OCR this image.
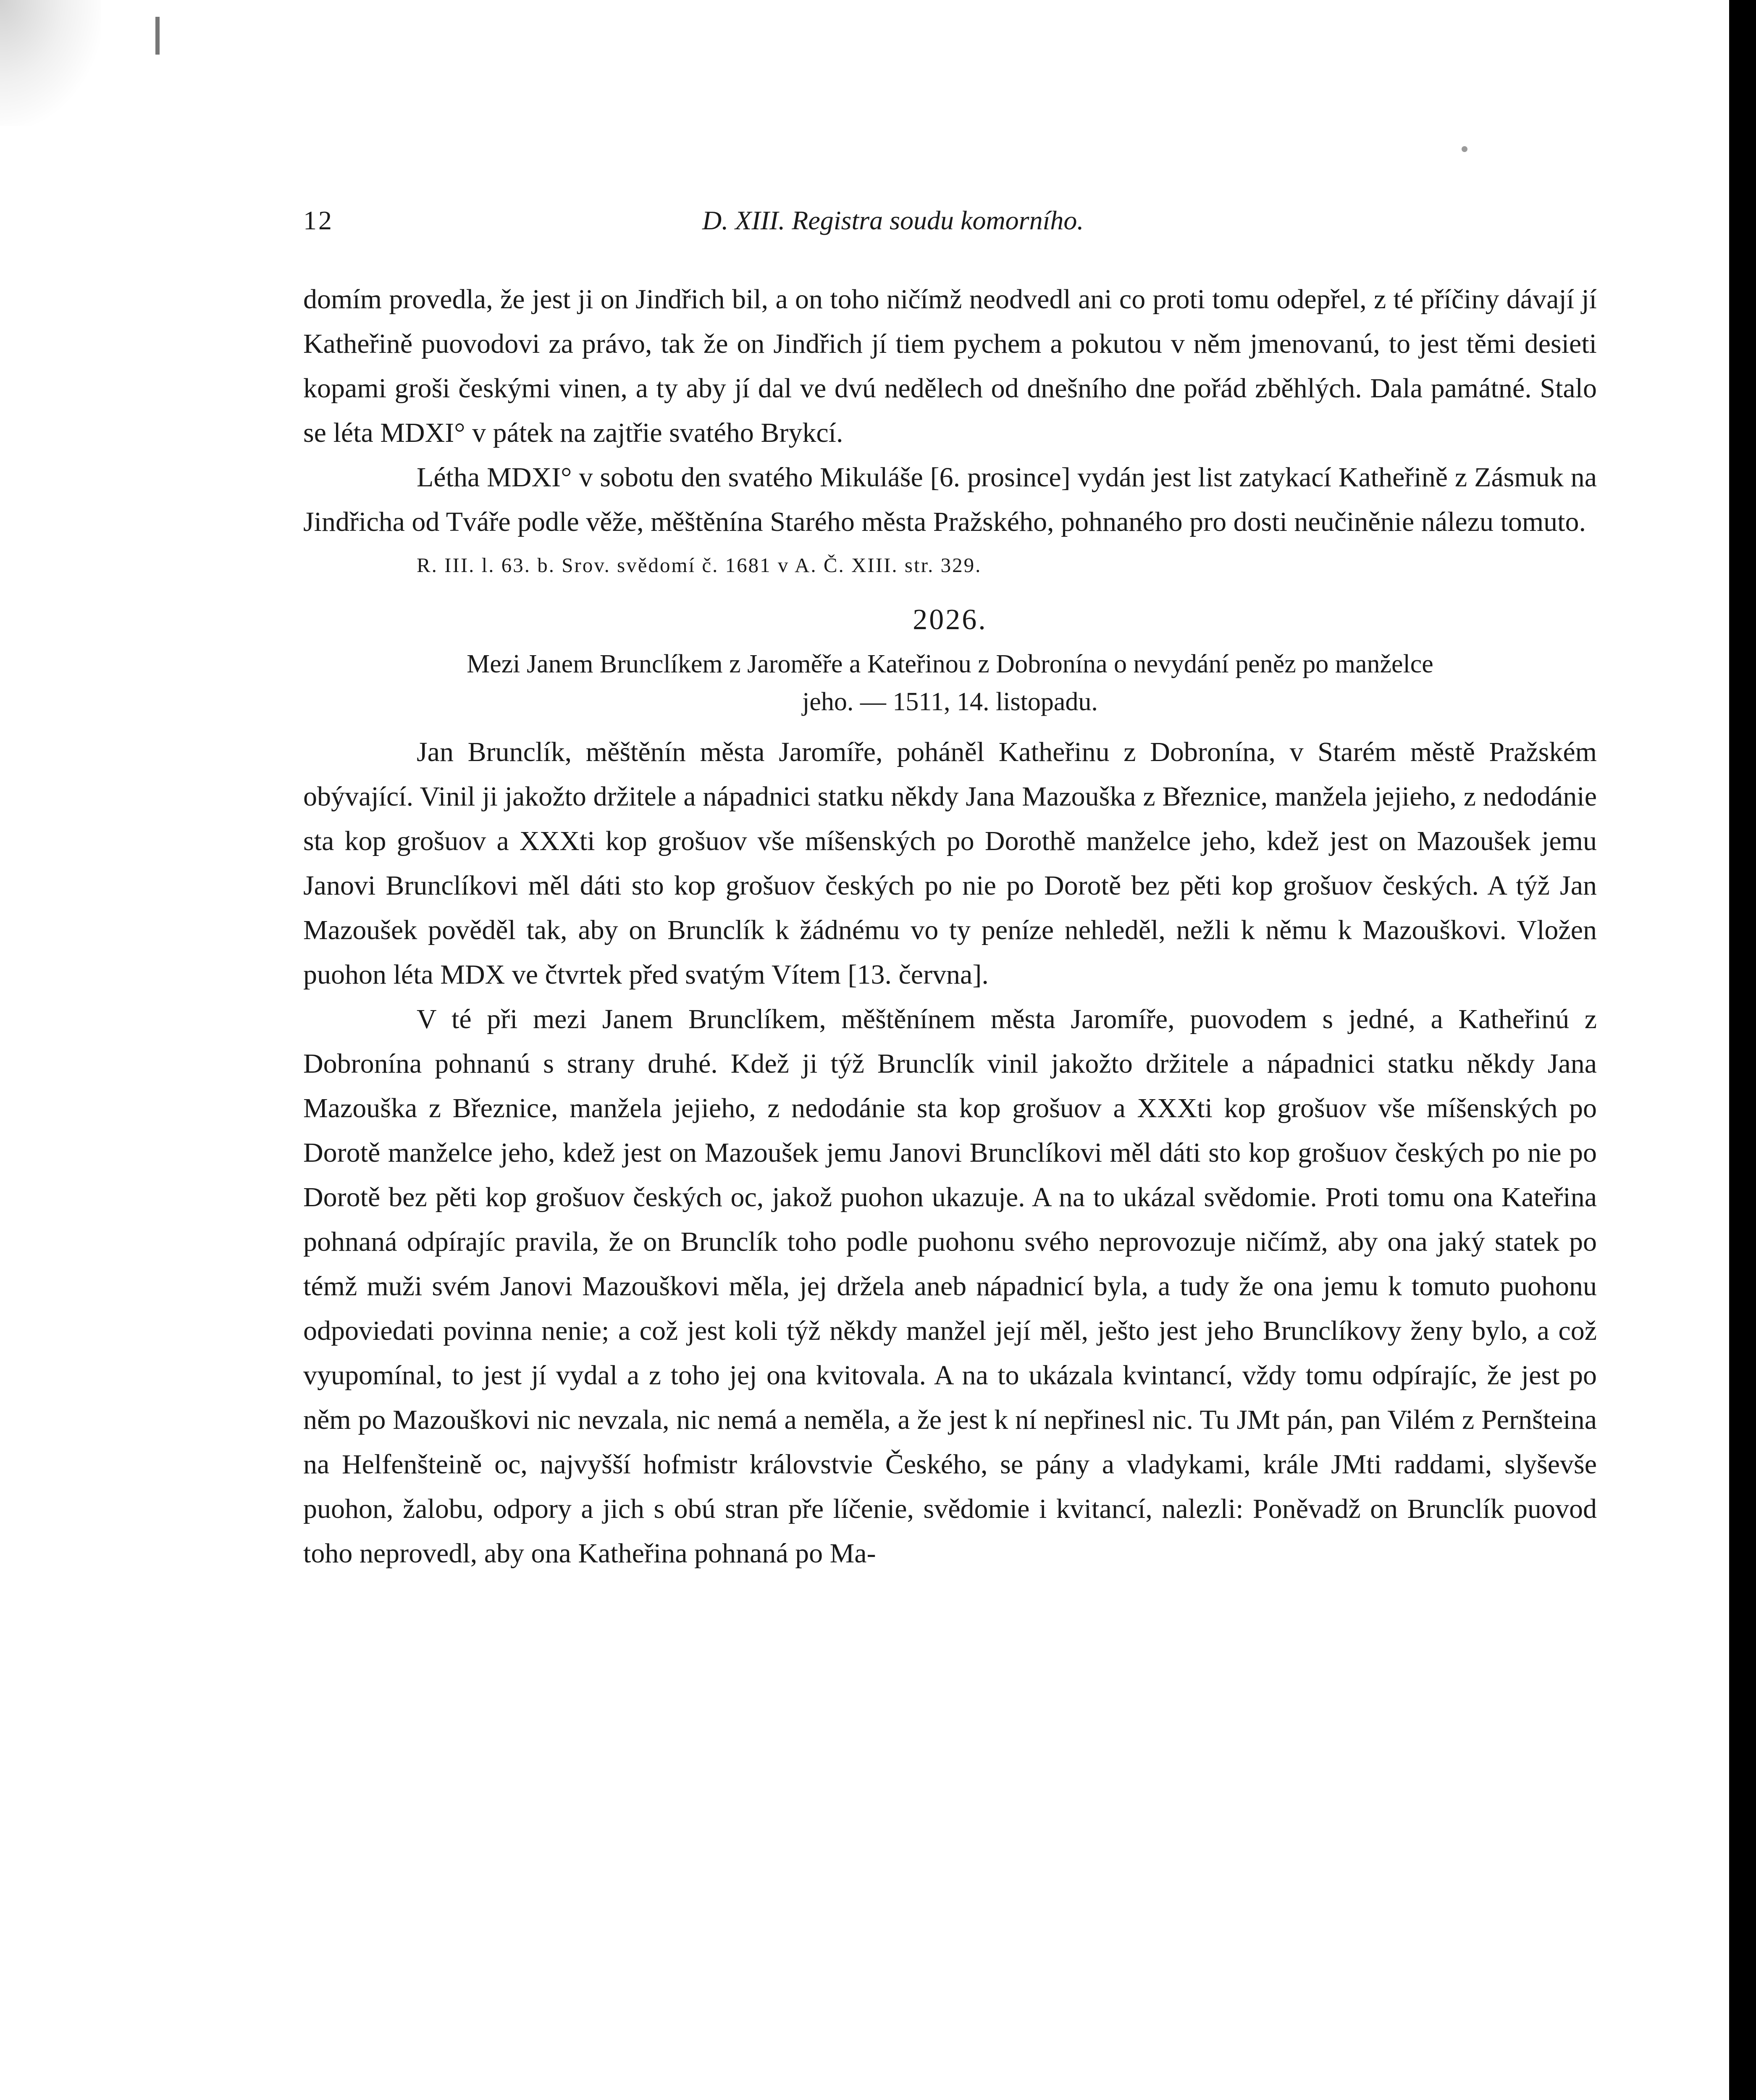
12	D. XIII. Registra soudu komorního.

domím provedla, že jest ji on Jindřich bil, a on toho ničímž neodvedl ani co proti tomu odepřel, z té příčiny dávají jí Katheřině puovodovi za právo, tak že on Jindřich jí tiem pychem a pokutou v něm jmenovanú, to jest těmi desieti kopami groši českými vinen, a ty aby jí dal ve dvú nedělech od dnešního dne pořád zběhlých. Dala památné. Stalo se léta MDXI° v pátek na zajtřie svatého Brykcí.

Létha MDXI° v sobotu den svatého Mikuláše [6. prosince] vydán jest list zatykací Katheřině z Zásmuk na Jindřicha od Tváře podle věže, měštěnína Starého města Pražského, pohnaného pro dosti neučiněnie nálezu tomuto.

R. III. l. 63. b. Srov. svědomí č. 1681 v A. Č. XIII. str. 329.

2026.
Mezi Janem Brunclíkem z Jaroměře a Kateřinou z Dobronína o nevydání peněz po manželce
jeho. — 1511, 14. listopadu.

Jan Brunclík, měštěnín města Jaromíře, poháněl Katheřinu z Dobronína, v Starém městě Pražském obývající. Vinil ji jakožto držitele a nápadnici statku někdy Jana Mazouška z Březnice, manžela jejieho, z nedodánie sta kop grošuov a XXXti kop grošuov vše míšenských po Dorothě manželce jeho, kdež jest on Mazoušek jemu Janovi Brunclíkovi měl dáti sto kop grošuov českých po nie po Dorotě bez pěti kop grošuov českých. A týž Jan Mazoušek pověděl tak, aby on Brunclík k žádnému vo ty peníze nehleděl, nežli k němu k Mazouškovi. Vložen puohon léta MDX ve čtvrtek před svatým Vítem [13. června].

V té při mezi Janem Brunclíkem, měštěnínem města Jaromíře, puovodem s jedné, a Katheřinú z Dobronína pohnanú s strany druhé. Kdež ji týž Brunclík vinil jakožto držitele a nápadnici statku někdy Jana Mazouška z Březnice, manžela jejieho, z nedodánie sta kop grošuov a XXXti kop grošuov vše míšenských po Dorotě manželce jeho, kdež jest on Mazoušek jemu Janovi Brunclíkovi měl dáti sto kop grošuov českých po nie po Dorotě bez pěti kop grošuov českých oc, jakož puohon ukazuje. A na to ukázal svědomie. Proti tomu ona Kateřina pohnaná odpírajíc pravila, že on Brunclík toho podle puohonu svého neprovozuje ničímž, aby ona jaký statek po témž muži svém Janovi Mazouškovi měla, jej držela aneb nápadnicí byla, a tudy že ona jemu k tomuto puohonu odpoviedati povinna nenie; a což jest koli týž někdy manžel její měl, ješto jest jeho Brunclíkovy ženy bylo, a což vyupomínal, to jest jí vydal a z toho jej ona kvitovala. A na to ukázala kvintancí, vždy tomu odpírajíc, že jest po něm po Mazouškovi nic nevzala, nic nemá a neměla, a že jest k ní nepřinesl nic. Tu JMt pán, pan Vilém z Pernšteina na Helfenšteině oc, najvyšší hofmistr královstvie Českého, se pány a vladykami, krále JMti raddami, slyševše puohon, žalobu, odpory a jich s obú stran pře líčenie, svědomie i kvitancí, nalezli: Poněvadž on Brunclík puovod toho neprovedl, aby ona Katheřina pohnaná po Ma-
